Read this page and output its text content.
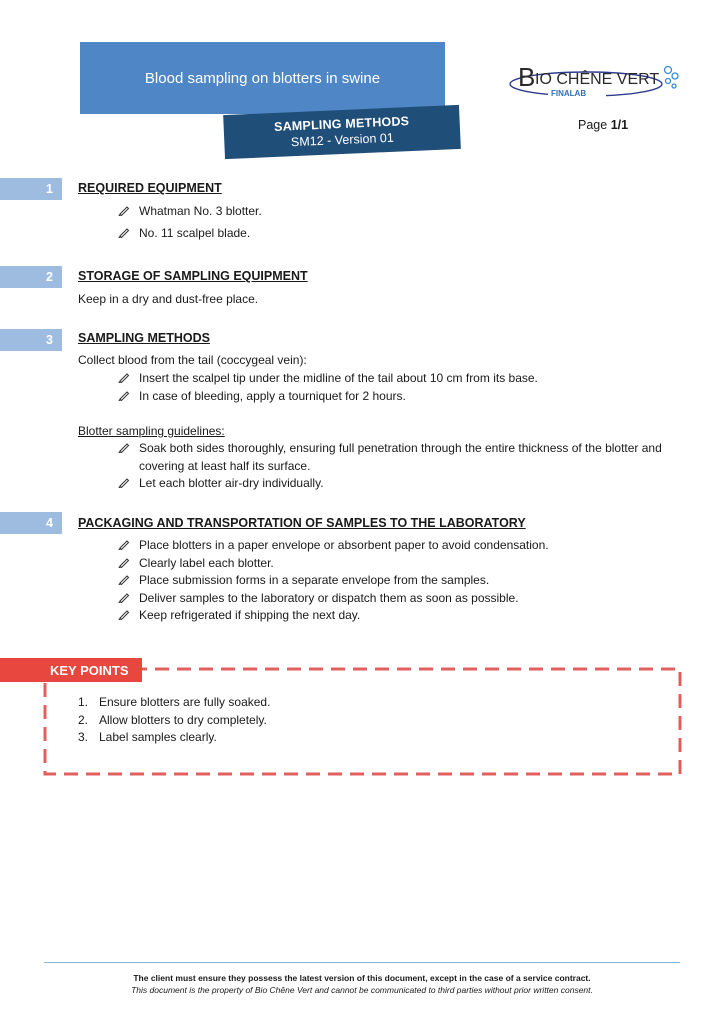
Blood sampling on blotters in swine
SAMPLING METHODS
SM12 - Version 01
B IO CHÊNE VERT
FINALAB
Page 1/1
1	REQUIRED EQUIPMENT
Whatman No. 3 blotter.
No. 11 scalpel blade.
2	STORAGE OF SAMPLING EQUIPMENT
Keep in a dry and dust-free place.
3	SAMPLING METHODS
Collect blood from the tail (coccygeal vein):
Insert the scalpel tip under the midline of the tail about 10 cm from its base.
In case of bleeding, apply a tourniquet for 2 hours.
Blotter sampling guidelines:
Soak both sides thoroughly, ensuring full penetration through the entire thickness of the blotter and covering at least half its surface.
Let each blotter air-dry individually.
4	PACKAGING AND TRANSPORTATION OF SAMPLES TO THE LABORATORY
Place blotters in a paper envelope or absorbent paper to avoid condensation.
Clearly label each blotter.
Place submission forms in a separate envelope from the samples.
Deliver samples to the laboratory or dispatch them as soon as possible.
Keep refrigerated if shipping the next day.
KEY POINTS
1. Ensure blotters are fully soaked.
2. Allow blotters to dry completely.
3. Label samples clearly.
The client must ensure they possess the latest version of this document, except in the case of a service contract.
This document is the property of Bio Chêne Vert and cannot be communicated to third parties without prior written consent.
